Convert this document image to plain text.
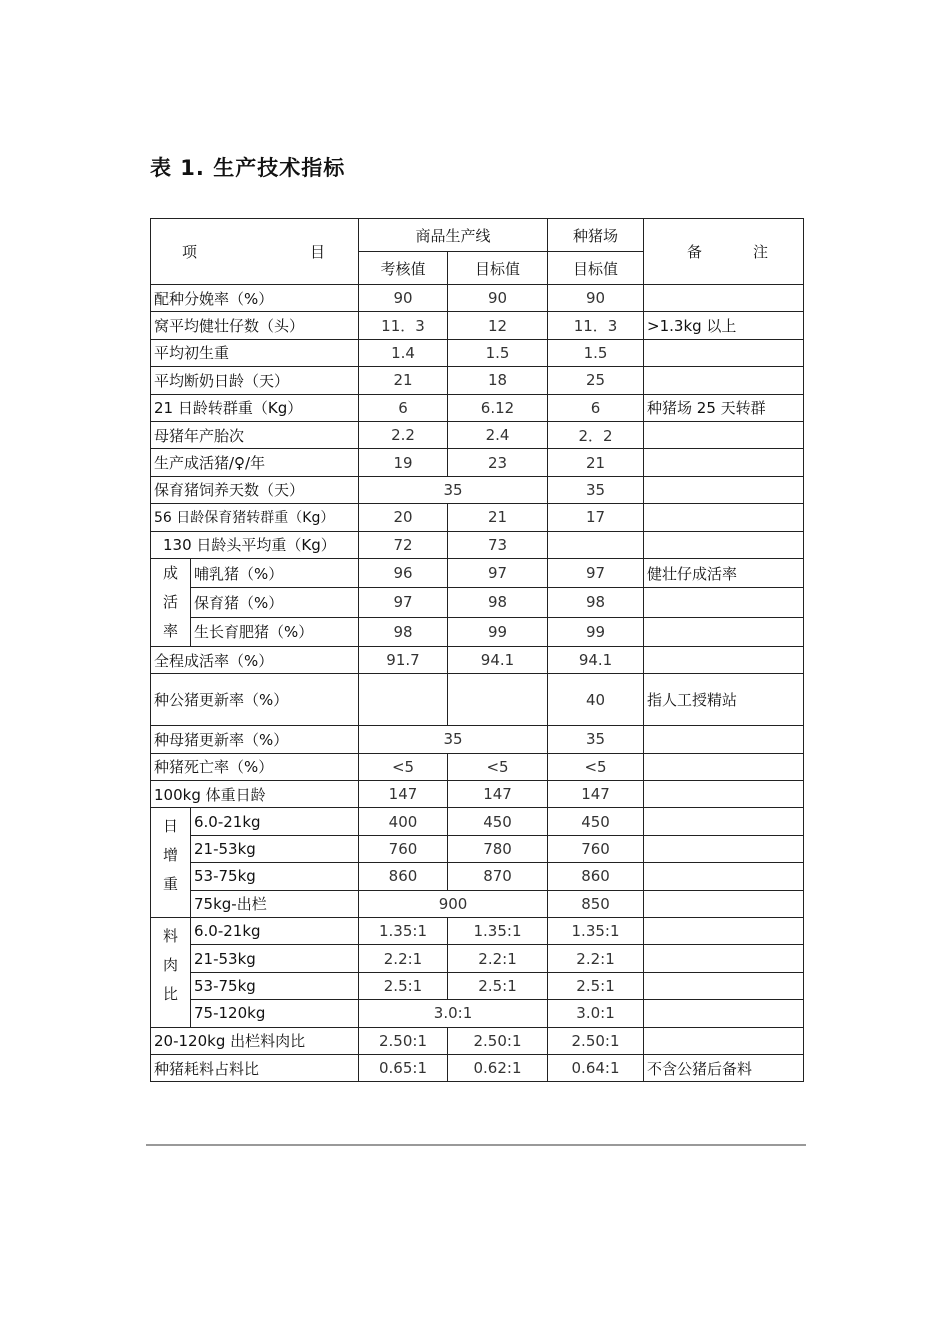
表 1. 生产技术指标
项 目		商品生产线		种猪场	备 注

		考核值	目标值	目标值	
配种分娩率（%）		90	90	90	
窝平均健壮仔数（头）		11．3	12	11．3	>1.3kg 以上
平均初生重		1.4	1.5	1.5	
平均断奶日龄（天）		21	18	25	
21 日龄转群重（Kg）		6	6.12	6	种猪场 25 天转群
母猪年产胎次		2.2	2.4	2．2	
生产成活猪/♀/年		19	23	21	
保育猪饲养天数（天）		35		35	
56 日龄保育猪转群重（Kg）		20	21	17	
130 日龄头平均重（Kg）		72	73		
成活率	哺乳猪（%）	96	97	97	健壮仔成活率
	保育猪（%）	97	98	98	
	生长育肥猪（%）	98	99	99	
全程成活率（%）		91.7	94.1	94.1	
种公猪更新率（%）				40	指人工授精站
种母猪更新率（%）		35		35	
种猪死亡率（%）		<5	<5	<5	
100kg 体重日龄		147	147	147	
日增重	6.0-21kg	400	450	450	
	21-53kg	760	780	760	
	53-75kg	860	870	860	
	75kg-出栏	900		850	
料肉比	6.0-21kg	1.35:1	1.35:1	1.35:1	
	21-53kg	2.2:1	2.2:1	2.2:1	
	53-75kg	2.5:1	2.5:1	2.5:1	
	75-120kg	3.0:1		3.0:1	
20-120kg 出栏料肉比		2.50:1	2.50:1	2.50:1	
种猪耗料占料比		0.65:1	0.62:1	0.64:1	不含公猪后备料
